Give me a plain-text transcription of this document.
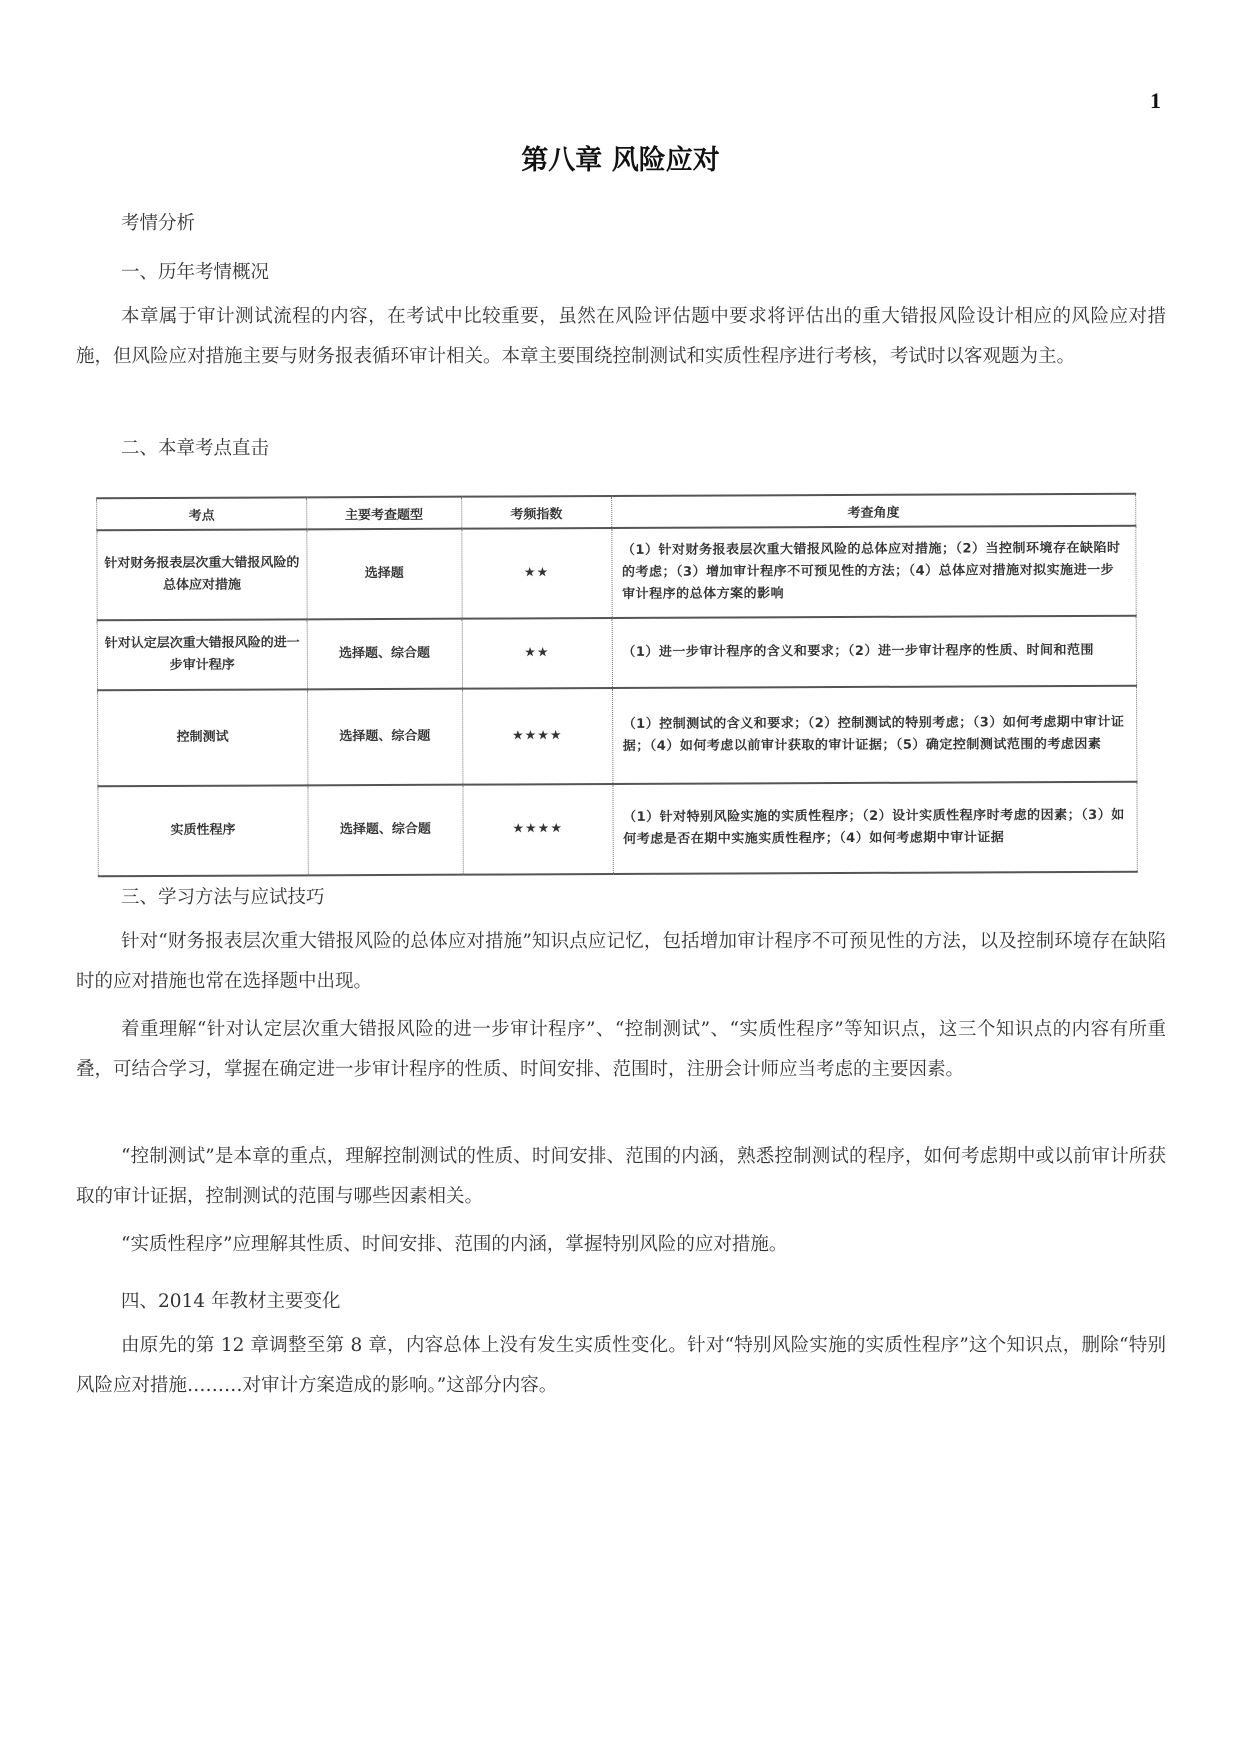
1
第八章 风险应对
考情分析
一、历年考情概况
本章属于审计测试流程的内容，在考试中比较重要，虽然在风险评估题中要求将评估出的重大错报风险设计相应的风险应对措施，但风险应对措施主要与财务报表循环审计相关。本章主要围绕控制测试和实质性程序进行考核，考试时以客观题为主。
二、本章考点直击
考点	主要考查题型	考频指数	考查角度
针对财务报表层次重大错报风险的总体应对措施	选择题	★★	（1）针对财务报表层次重大错报风险的总体应对措施；（2）当控制环境存在缺陷时的考虑；（3）增加审计程序不可预见性的方法；（4）总体应对措施对拟实施进一步审计程序的总体方案的影响
针对认定层次重大错报风险的进一步审计程序	选择题、综合题	★★	（1）进一步审计程序的含义和要求；（2）进一步审计程序的性质、时间和范围
控制测试	选择题、综合题	★★★★	（1）控制测试的含义和要求；（2）控制测试的特别考虑；（3）如何考虑期中审计证据；（4）如何考虑以前审计获取的审计证据；（5）确定控制测试范围的考虑因素
实质性程序	选择题、综合题	★★★★	（1）针对特别风险实施的实质性程序；（2）设计实质性程序时考虑的因素；（3）如何考虑是否在期中实施实质性程序；（4）如何考虑期中审计证据
三、学习方法与应试技巧
针对“财务报表层次重大错报风险的总体应对措施”知识点应记忆，包括增加审计程序不可预见性的方法，以及控制环境存在缺陷时的应对措施也常在选择题中出现。
着重理解“针对认定层次重大错报风险的进一步审计程序”、“控制测试”、“实质性程序”等知识点，这三个知识点的内容有所重叠，可结合学习，掌握在确定进一步审计程序的性质、时间安排、范围时，注册会计师应当考虑的主要因素。
“控制测试”是本章的重点，理解控制测试的性质、时间安排、范围的内涵，熟悉控制测试的程序，如何考虑期中或以前审计所获取的审计证据，控制测试的范围与哪些因素相关。
“实质性程序”应理解其性质、时间安排、范围的内涵，掌握特别风险的应对措施。
四、2014 年教材主要变化
由原先的第 12 章调整至第 8 章，内容总体上没有发生实质性变化。针对“特别风险实施的实质性程序”这个知识点，删除“特别风险应对措施………对审计方案造成的影响。”这部分内容。
